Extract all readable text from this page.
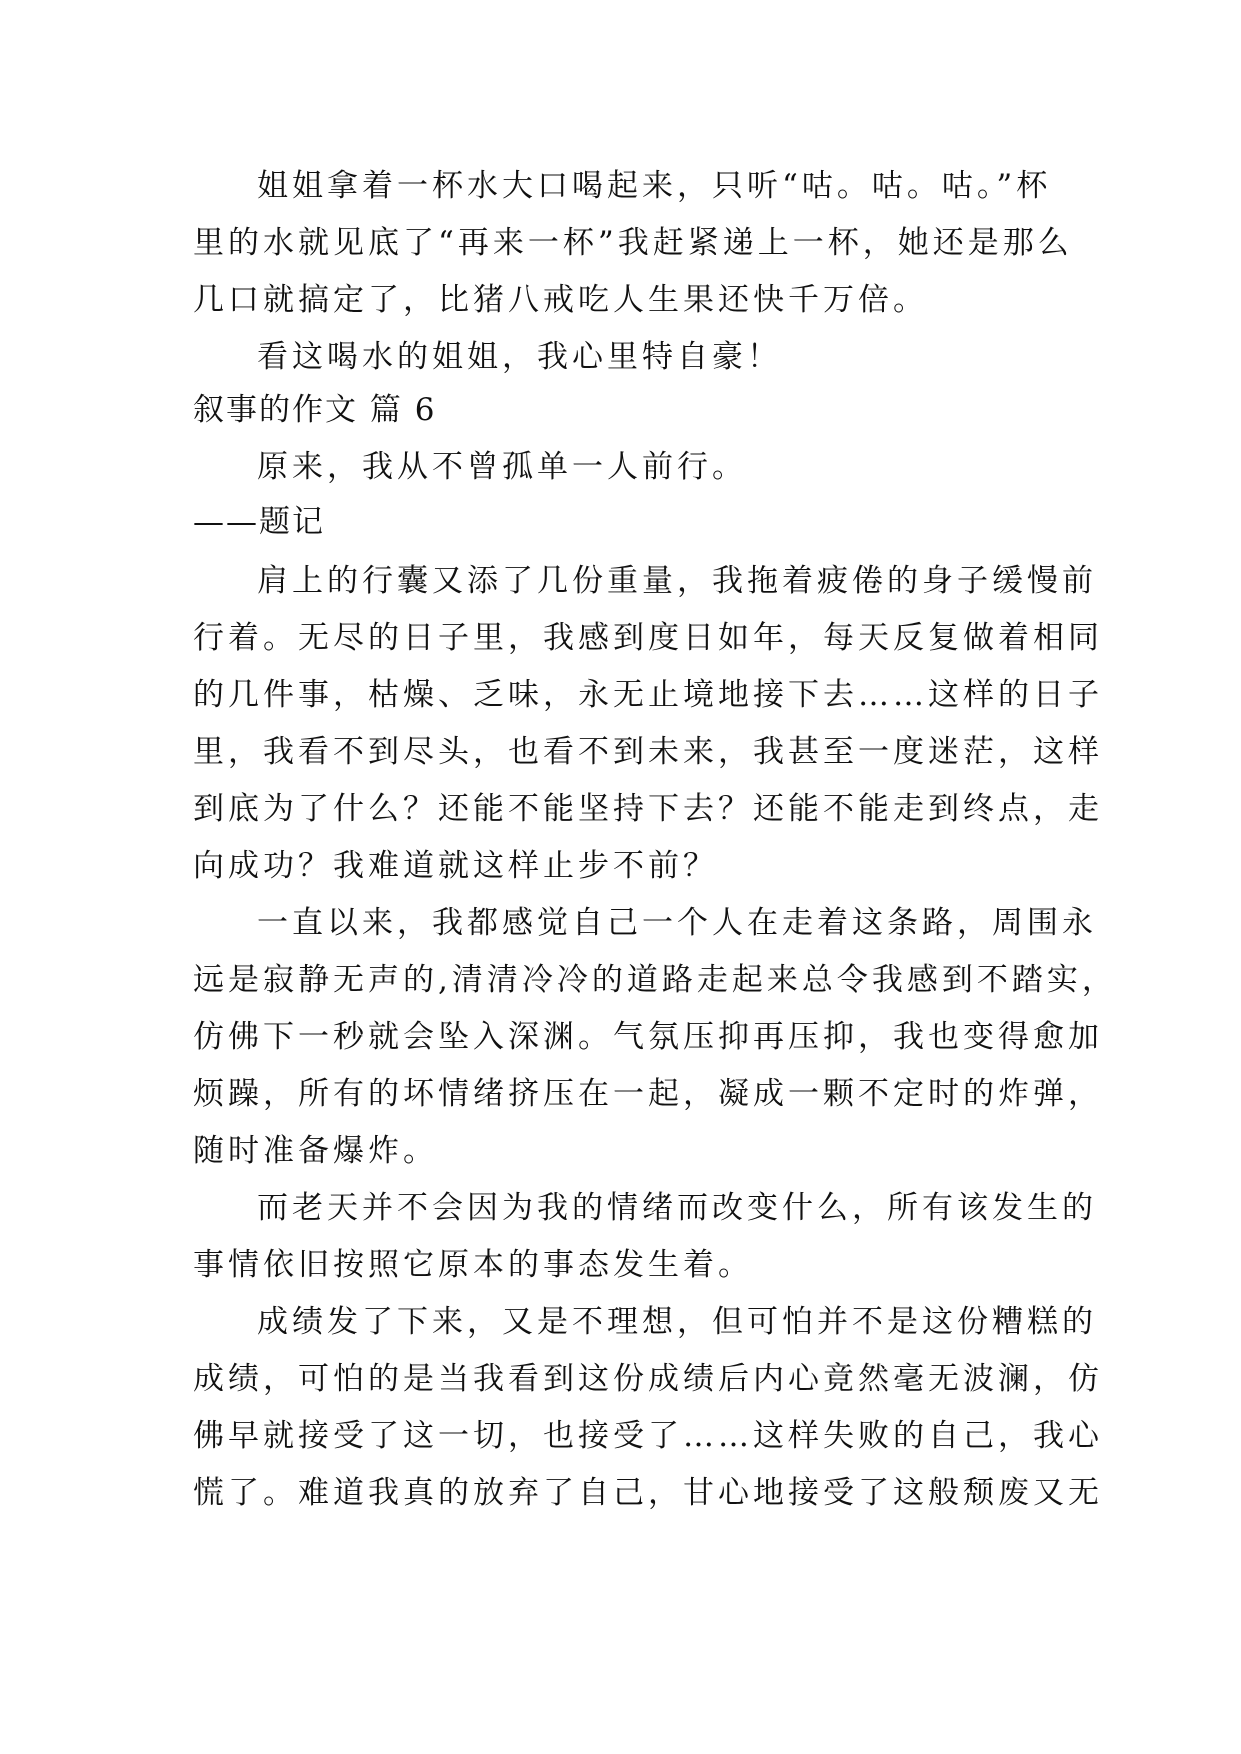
姐姐拿着一杯水大口喝起来，只听“咕。咕。咕。”杯
里的水就见底了“再来一杯”我赶紧递上一杯，她还是那么
几口就搞定了，比猪八戒吃人生果还快千万倍。
看这喝水的姐姐，我心里特自豪！
叙事的作文 篇 6
原来，我从不曾孤单一人前行。
——题记
肩上的行囊又添了几份重量，我拖着疲倦的身子缓慢前
行着。无尽的日子里，我感到度日如年，每天反复做着相同
的几件事，枯燥、乏味，永无止境地接下去……这样的日子
里，我看不到尽头，也看不到未来，我甚至一度迷茫，这样
到底为了什么？还能不能坚持下去？还能不能走到终点，走
向成功？我难道就这样止步不前？
一直以来，我都感觉自己一个人在走着这条路，周围永
远是寂静无声的,清清冷冷的道路走起来总令我感到不踏实，
仿佛下一秒就会坠入深渊。气氛压抑再压抑，我也变得愈加
烦躁，所有的坏情绪挤压在一起，凝成一颗不定时的炸弹，
随时准备爆炸。
而老天并不会因为我的情绪而改变什么，所有该发生的
事情依旧按照它原本的事态发生着。
成绩发了下来，又是不理想，但可怕并不是这份糟糕的
成绩，可怕的是当我看到这份成绩后内心竟然毫无波澜，仿
佛早就接受了这一切，也接受了……这样失败的自己，我心
慌了。难道我真的放弃了自己，甘心地接受了这般颓废又无
